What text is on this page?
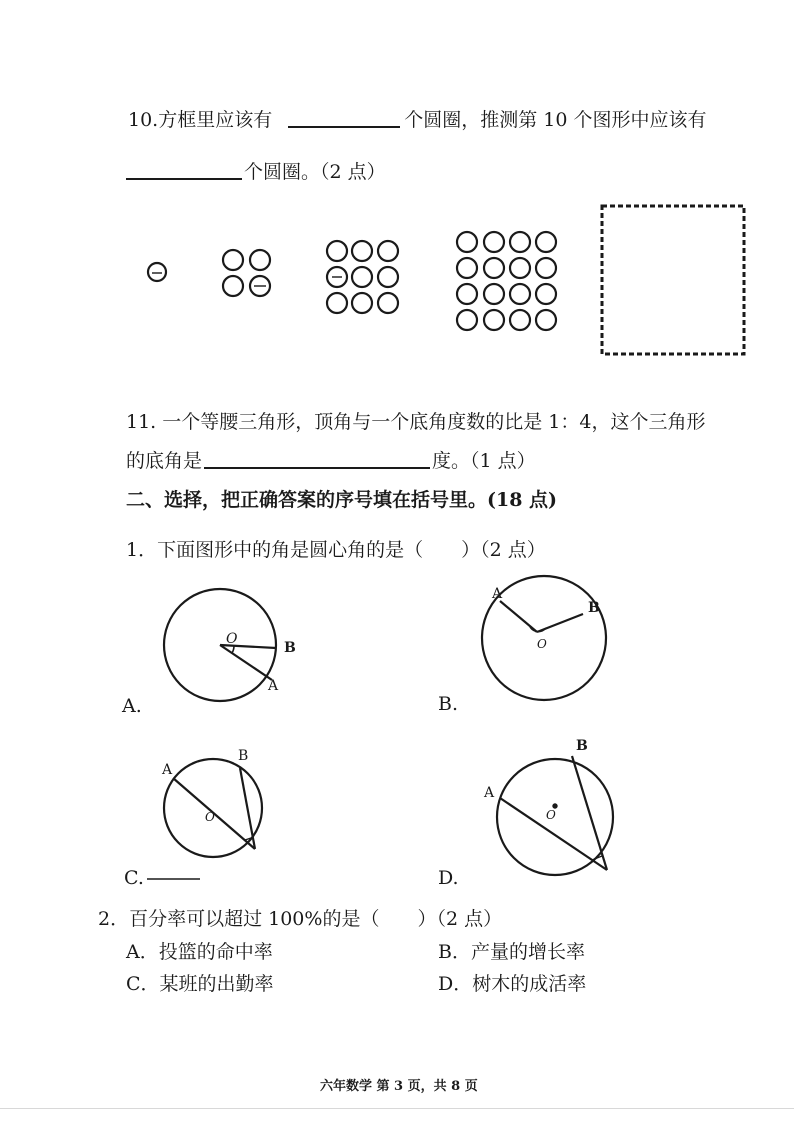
10.方框里应该有	个圆圈，推测第 10 个图形中应该有
个圆圈。（2 点）
11. 一个等腰三角形，顶角与一个底角度数的比是 1：4，这个三角形
的底角是	度。（1 点）
二、选择，把正确答案的序号填在括号里。(18 点)
1．下面图形中的角是圆心角的是（　　）（2 点）
O
B
A
A
B
O
A
B
O
A
B
O
A.	B.
C.	D.
2．百分率可以超过 100%的是（　　）（2 点）
A．投篮的命中率	B．产量的增长率
C．某班的出勤率	D．树木的成活率
六年数学 第 3 页，共 8 页
